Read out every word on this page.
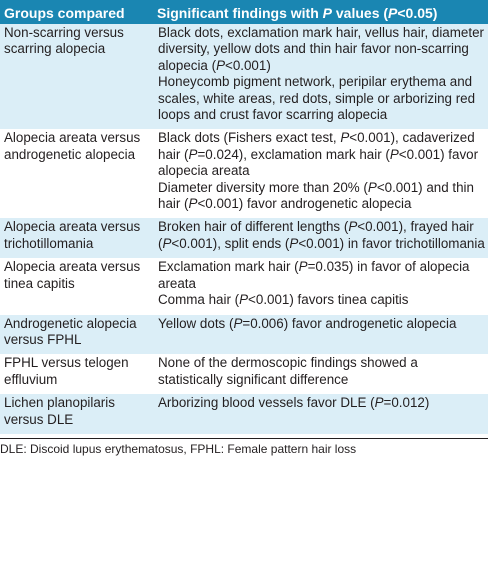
Groups compared	Significant findings with P values (P<0.05)
Non-scarring versus scarring alopecia	Black dots, exclamation mark hair, vellus hair, diameter diversity, yellow dots and thin hair favor non-scarring alopecia (P<0.001)
Honeycomb pigment network, peripilar erythema and scales, white areas, red dots, simple or arborizing red loops and crust favor scarring alopecia

Alopecia areata versus androgenetic alopecia	Black dots (Fishers exact test, P<0.001), cadaverized hair (P=0.024), exclamation mark hair (P<0.001) favor alopecia areata
Diameter diversity more than 20% (P<0.001) and thin hair (P<0.001) favor androgenetic alopecia

Alopecia areata versus trichotillomania	Broken hair of different lengths (P<0.001), frayed hair (P<0.001), split ends (P<0.001) in favor trichotillomania

Alopecia areata versus tinea capitis	Exclamation mark hair (P=0.035) in favor of alopecia areata
Comma hair (P<0.001) favors tinea capitis

Androgenetic alopecia versus FPHL	Yellow dots (P=0.006) favor androgenetic alopecia

FPHL versus telogen effluvium	None of the dermoscopic findings showed a statistically significant difference

Lichen planopilaris versus DLE	Arborizing blood vessels favor DLE (P=0.012)
DLE: Discoid lupus erythematosus, FPHL: Female pattern hair loss
